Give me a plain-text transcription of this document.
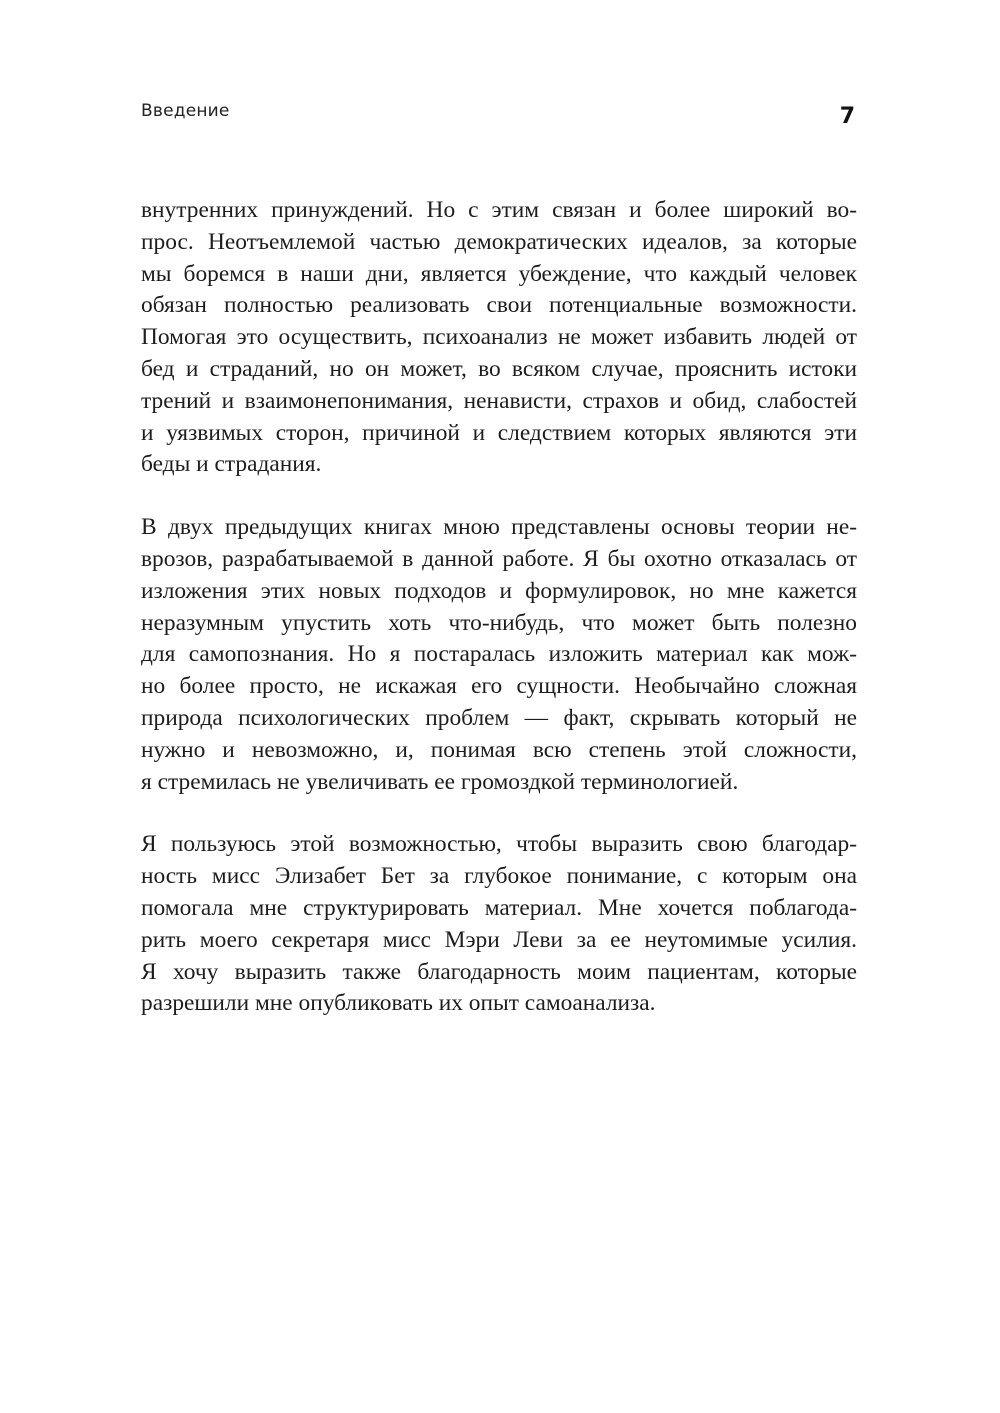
Введение	7
внутренних принуждений. Но с этим связан и более широкий во-
прос. Неотъемлемой частью демократических идеалов, за которые
мы боремся в наши дни, является убеждение, что каждый человек
обязан полностью реализовать свои потенциальные возможности.
Помогая это осуществить, психоанализ не может избавить людей от
бед и страданий, но он может, во всяком случае, прояснить истоки
трений и взаимонепонимания, ненависти, страхов и обид, слабостей
и уязвимых сторон, причиной и следствием которых являются эти
беды и страдания.
В двух предыдущих книгах мною представлены основы теории не-
врозов, разрабатываемой в данной работе. Я бы охотно отказалась от
изложения этих новых подходов и формулировок, но мне кажется
неразумным упустить хоть что-нибудь, что может быть полезно
для самопознания. Но я постаралась изложить материал как мож-
но более просто, не искажая его сущности. Необычайно сложная
природа психологических проблем — факт, скрывать который не
нужно и невозможно, и, понимая всю степень этой сложности,
я стремилась не увеличивать ее громоздкой терминологией.
Я пользуюсь этой возможностью, чтобы выразить свою благодар-
ность мисс Элизабет Бет за глубокое понимание, с которым она
помогала мне структурировать материал. Мне хочется поблагода-
рить моего секретаря мисс Мэри Леви за ее неутомимые усилия.
Я хочу выразить также благодарность моим пациентам, которые
разрешили мне опубликовать их опыт самоанализа.
